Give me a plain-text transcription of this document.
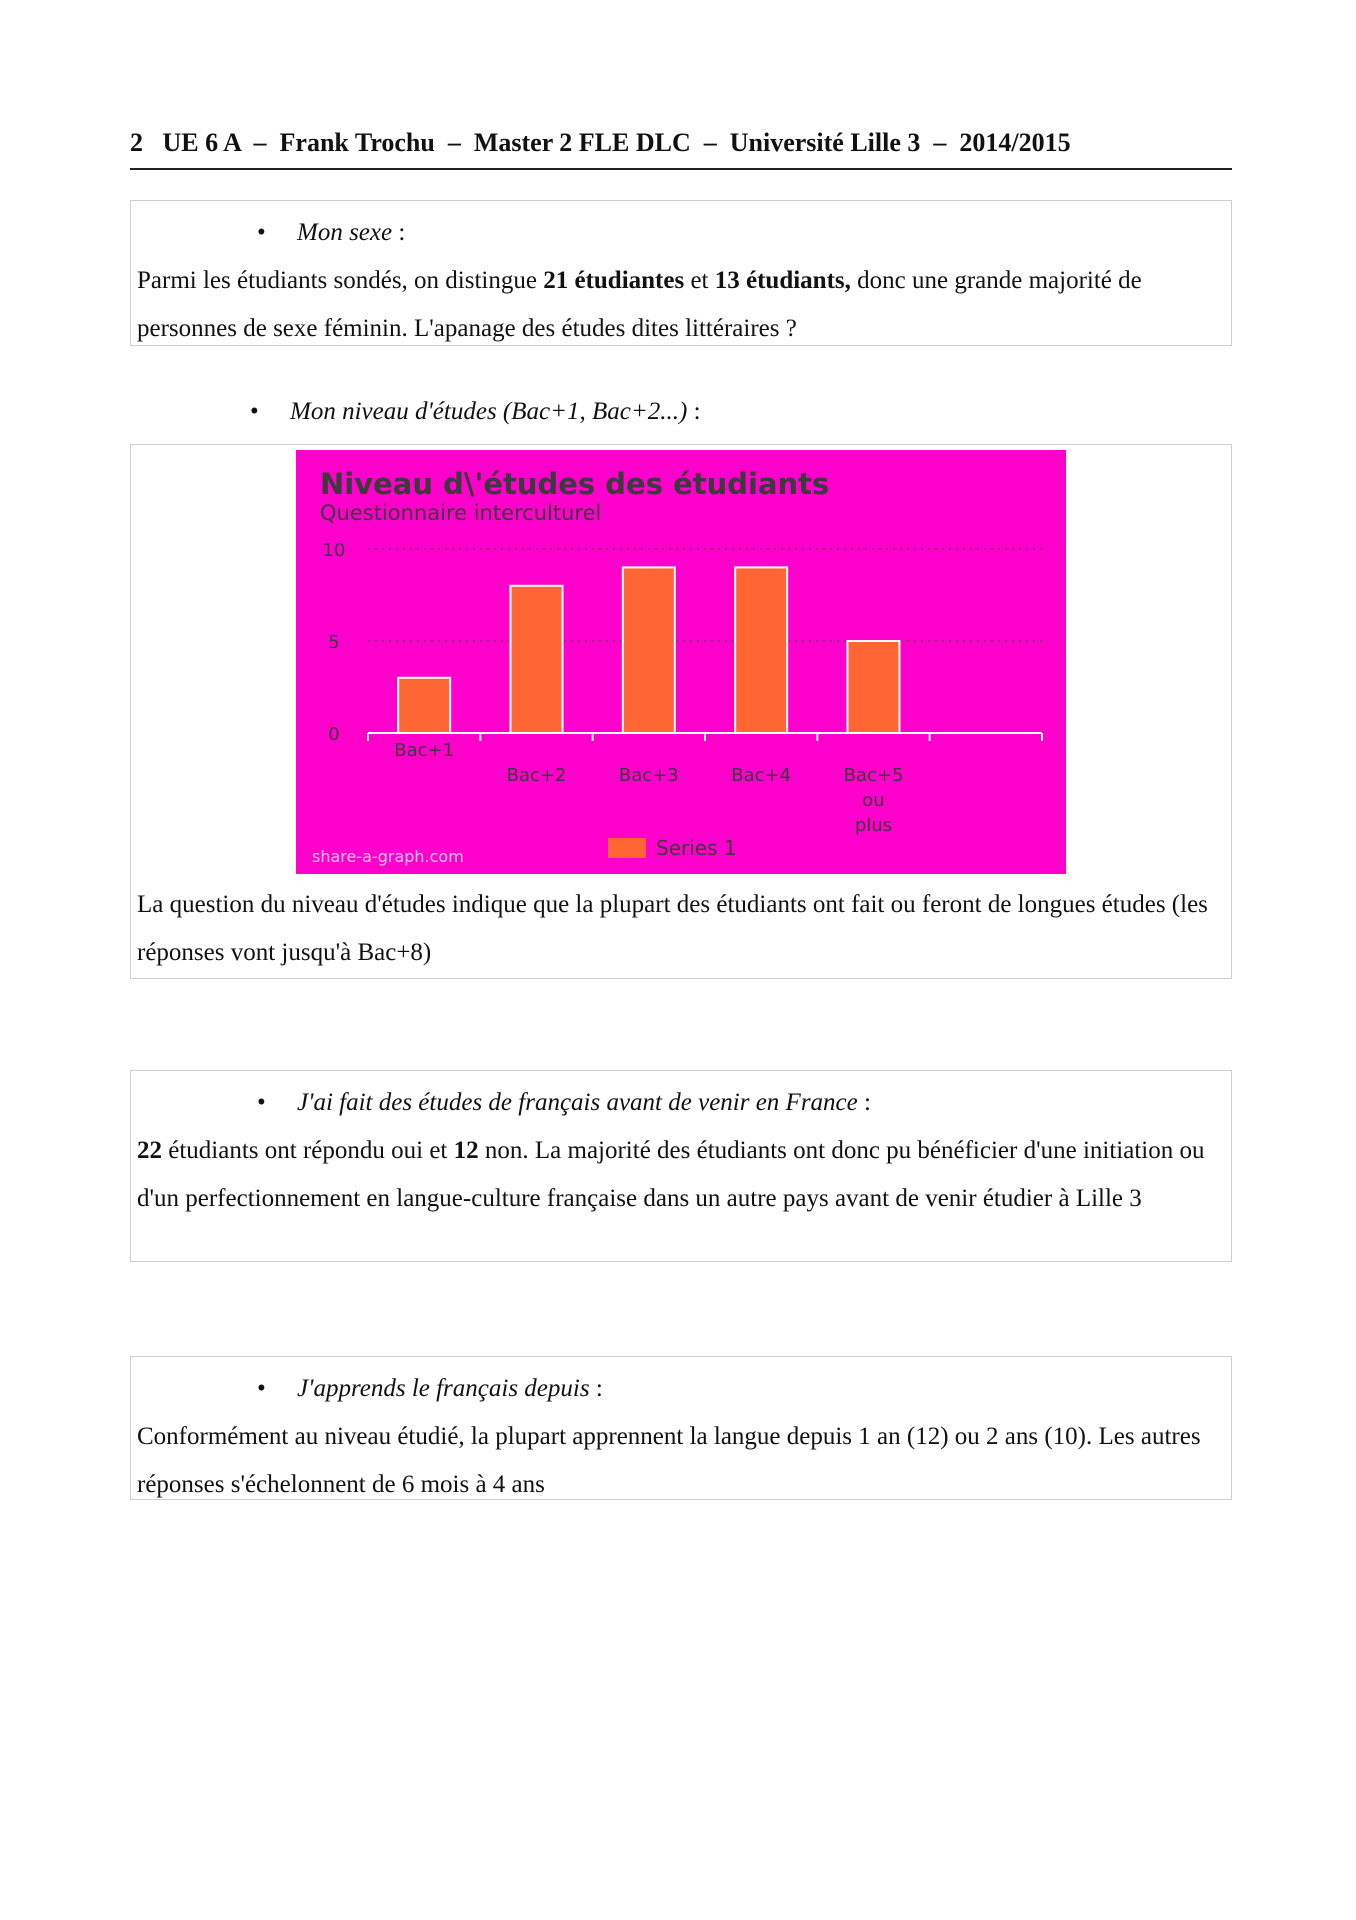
2 UE 6 A  –  Frank Trochu  –  Master 2 FLE DLC  –  Université Lille 3  –  2014/2015
• Mon sexe :

Parmi les étudiants sondés, on distingue 21 étudiantes et 13 étudiants, donc une grande majorité de personnes de sexe féminin. L'apanage des études dites littéraires ?

• Mon niveau d'études (Bac+1, Bac+2...) :

La question du niveau d'études indique que la plupart des étudiants ont fait ou feront de longues études (les réponses vont jusqu'à Bac+8)

Niveau d\'études des étudiants
Questionnaire interculturel
0
5
10
Bac+1
Bac+2	Bac+3	Bac+4	Bac+5 ou plus
Series 1
share-a-graph.com
• J'ai fait des études de français avant de venir en France :

22 étudiants ont répondu oui et 12 non. La majorité des étudiants ont donc pu bénéficier d'une initiation ou d'un perfectionnement en langue-culture française dans un autre pays avant de venir étudier à Lille 3

• J'apprends le français depuis :

Conformément au niveau étudié, la plupart apprennent la langue depuis 1 an (12) ou 2 ans (10). Les autres réponses s'échelonnent de 6 mois à 4 ans
